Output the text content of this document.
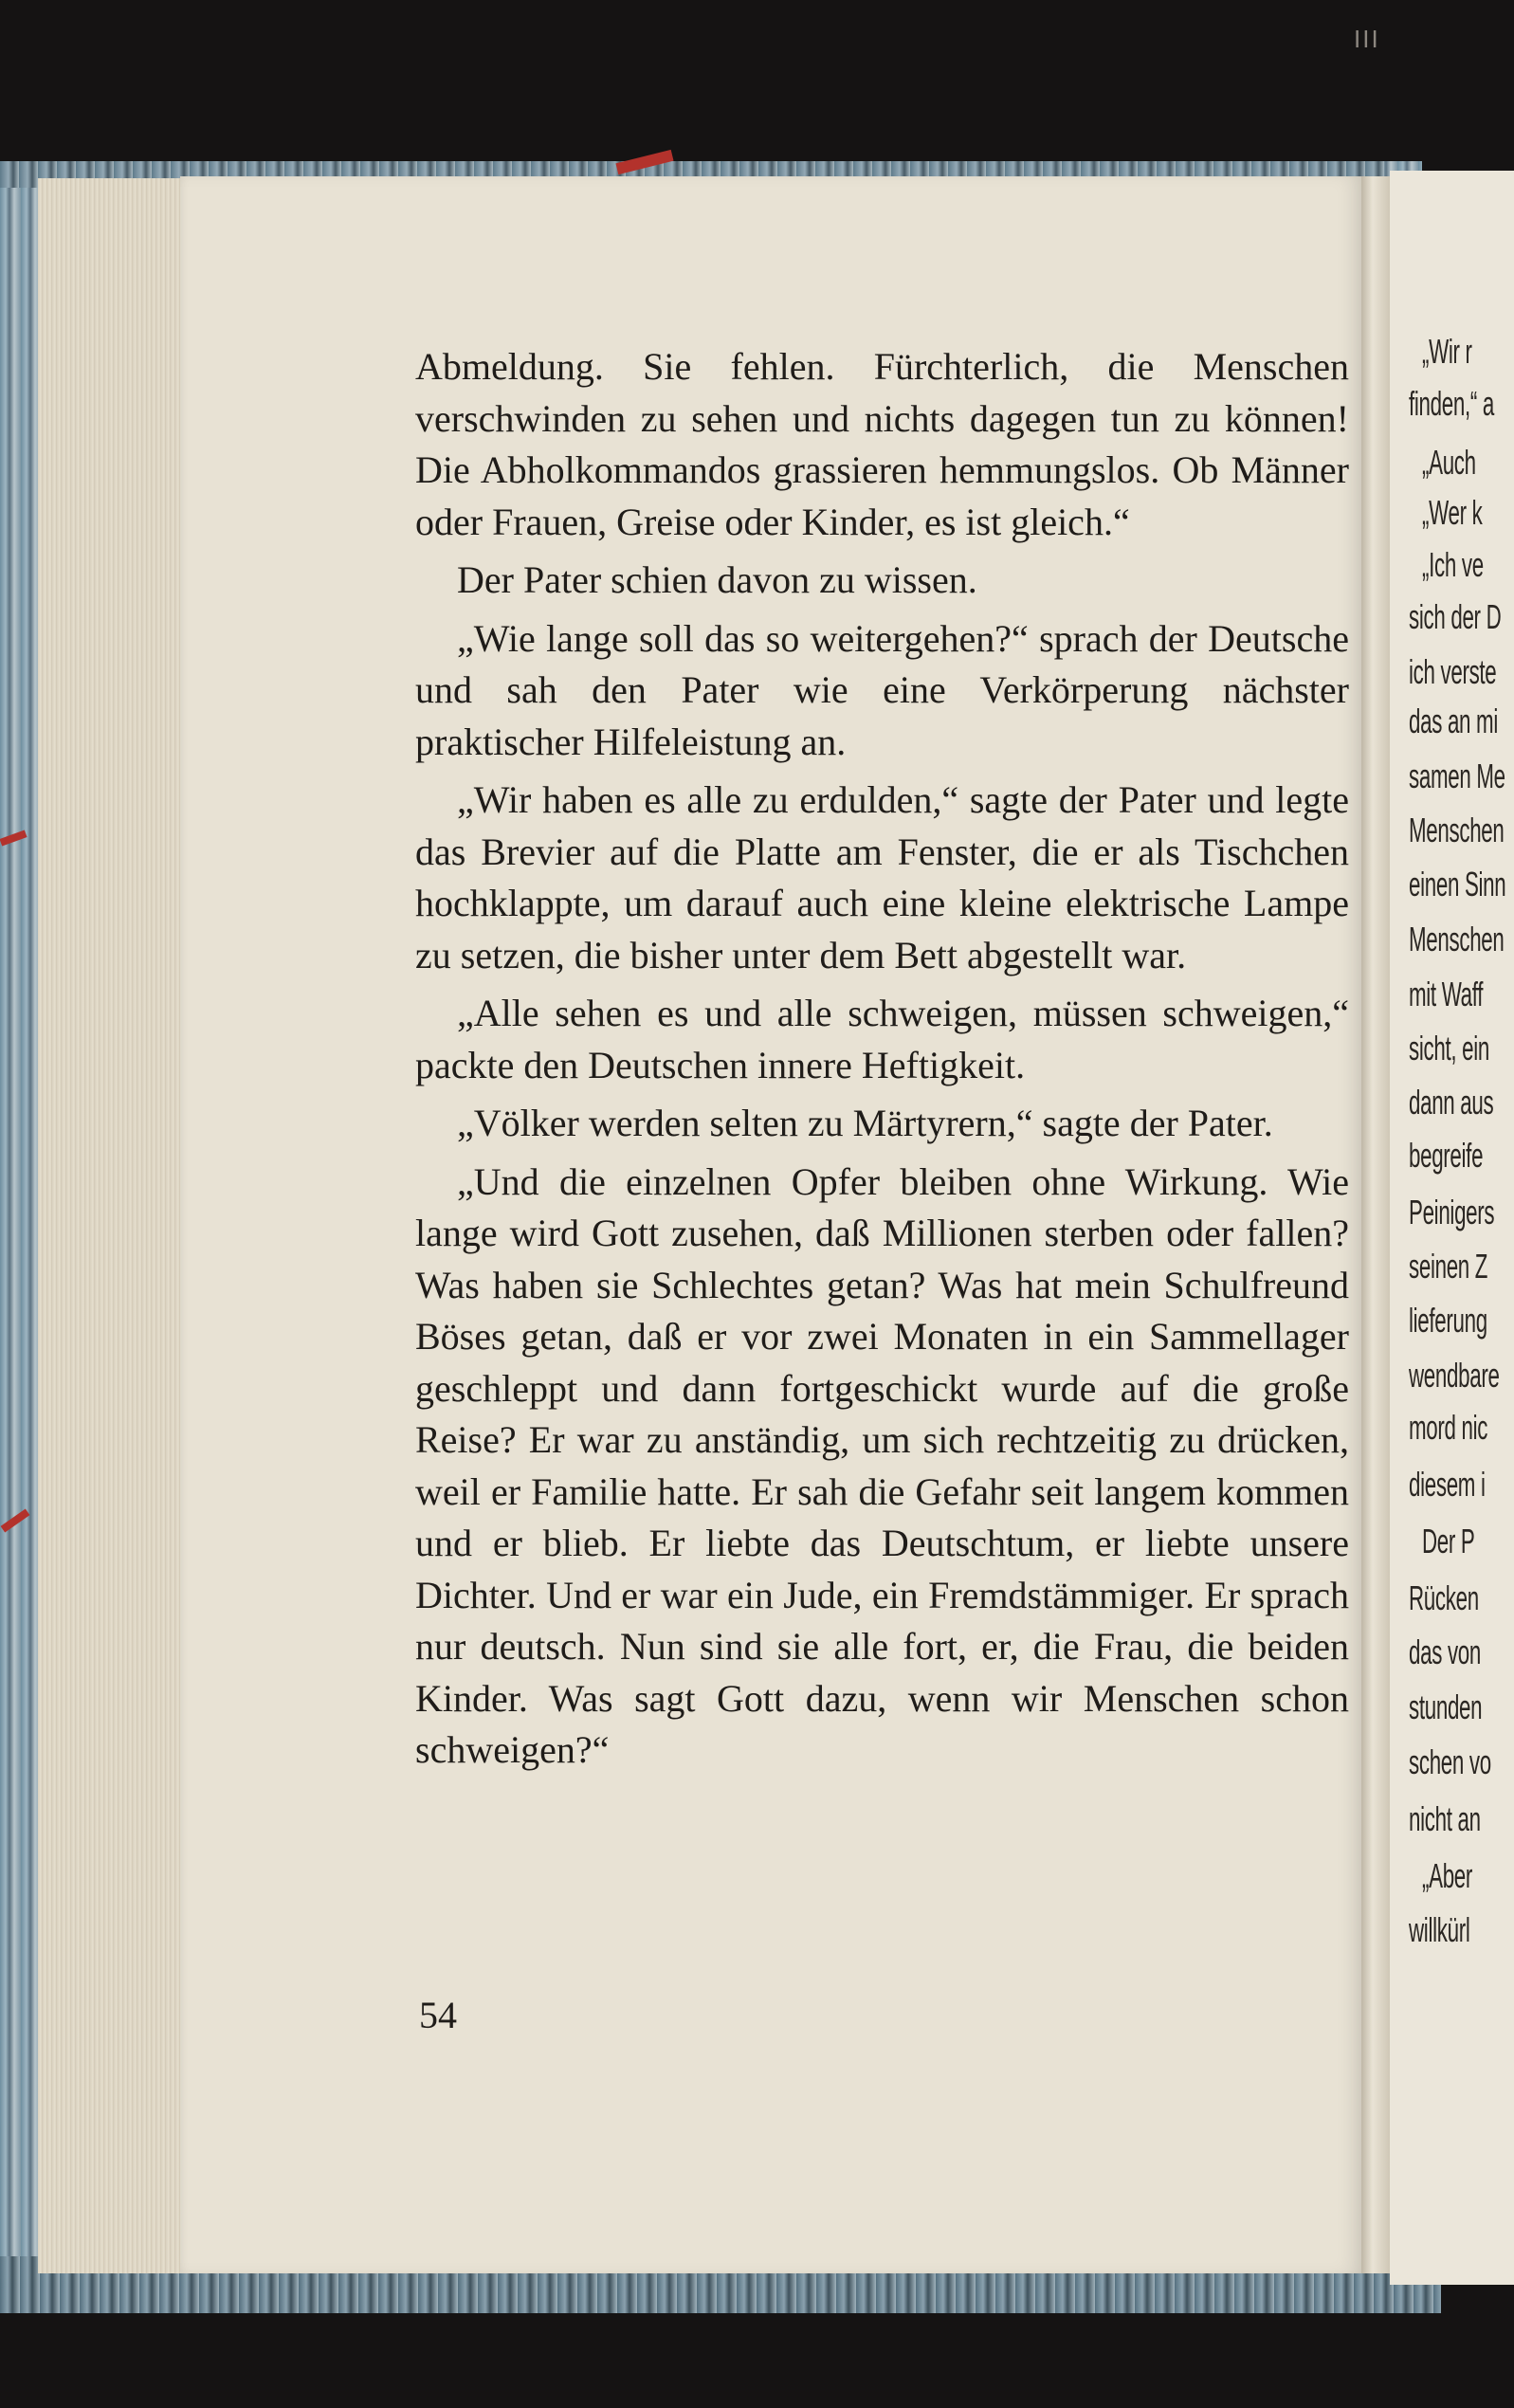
III
„Wir r
finden,“ a
„Auch
„Wer k
„Ich ve
sich der D
ich verste
das an mi
samen Me
Menschen
einen Sinn
Menschen
mit Waff
sicht, ein
dann aus
begreife
Peinigers
seinen Z
lieferung
wendbare
mord nic
diesem i
Der P
Rücken
das von
stunden
schen vo
nicht an
„Aber
willkürl

Abmeldung. Sie fehlen. Fürchterlich, die Menschen verschwinden zu sehen und nichts dagegen tun zu können! Die Abholkommandos grassieren hemmungslos. Ob Männer oder Frauen, Greise oder Kinder, es ist gleich.“

Der Pater schien davon zu wissen.

„Wie lange soll das so weitergehen?“ sprach der Deutsche und sah den Pater wie eine Verkörperung nächster praktischer Hilfeleistung an.

„Wir haben es alle zu erdulden,“ sagte der Pater und legte das Brevier auf die Platte am Fenster, die er als Tischchen hochklappte, um darauf auch eine kleine elektrische Lampe zu setzen, die bisher unter dem Bett abgestellt war.

„Alle sehen es und alle schweigen, müssen schweigen,“ packte den Deutschen innere Heftigkeit.

„Völker werden selten zu Märtyrern,“ sagte der Pater.

„Und die einzelnen Opfer bleiben ohne Wirkung. Wie lange wird Gott zusehen, daß Millionen sterben oder fallen? Was haben sie Schlechtes getan? Was hat mein Schulfreund Böses getan, daß er vor zwei Monaten in ein Sammellager geschleppt und dann fortgeschickt wurde auf die große Reise? Er war zu anständig, um sich rechtzeitig zu drücken, weil er Familie hatte. Er sah die Gefahr seit langem kommen und er blieb. Er liebte das Deutschtum, er liebte unsere Dichter. Und er war ein Jude, ein Fremdstämmiger. Er sprach nur deutsch. Nun sind sie alle fort, er, die Frau, die beiden Kinder. Was sagt Gott dazu, wenn wir Menschen schon schweigen?“

54
